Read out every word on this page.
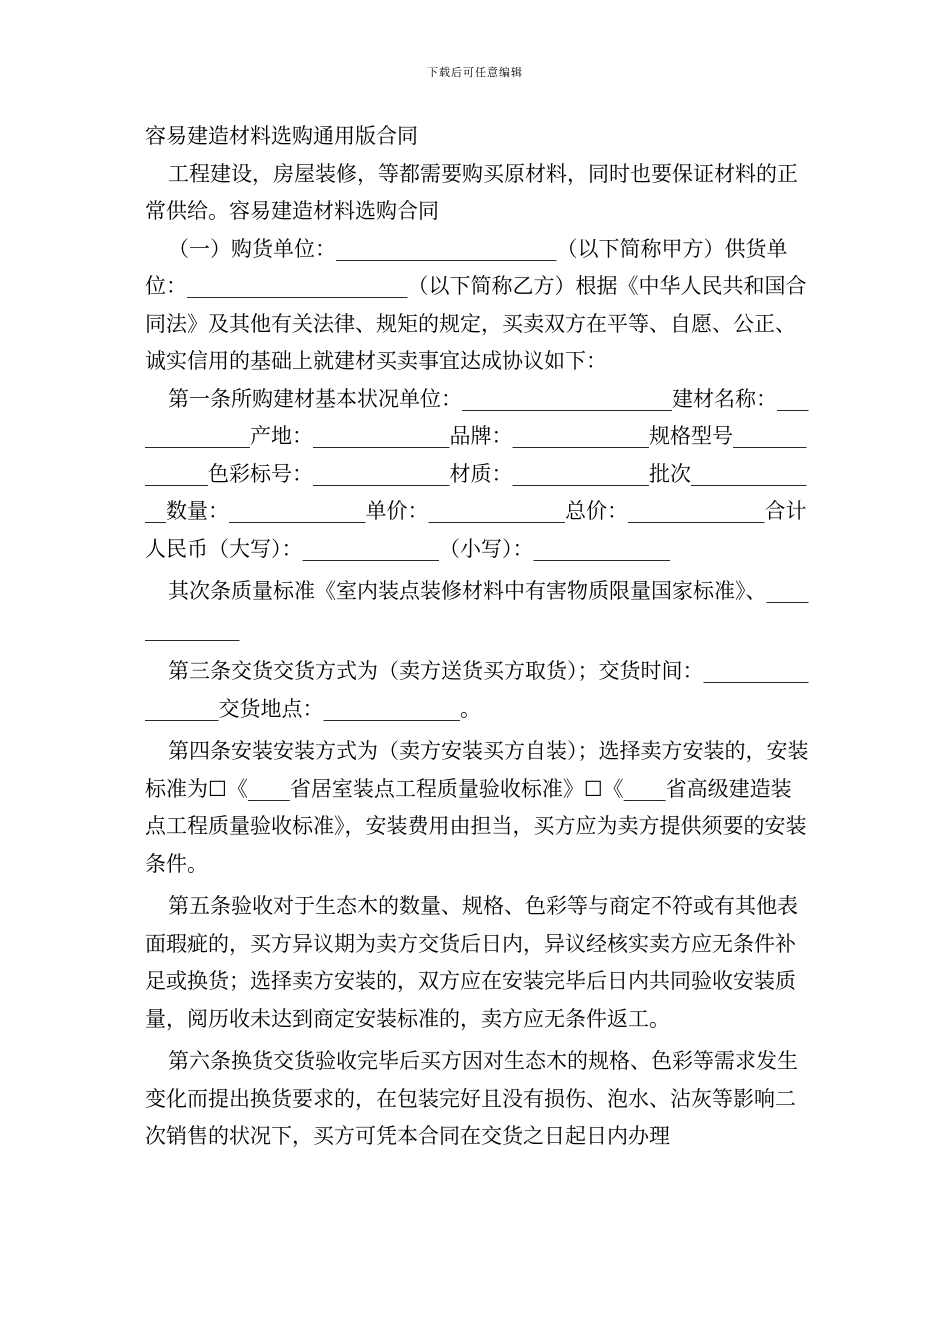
下载后可任意编辑

容易建造材料选购通用版合同

工程建设，房屋装修，等都需要购买原材料，同时也要保证材料的正常供给。容易建造材料选购合同

（一）购货单位：_____________________（以下简称甲方）供货单位：_____________________（以下简称乙方）根据《中华人民共和国合同法》及其他有关法律、规矩的规定，买卖双方在平等、自愿、公正、诚实信用的基础上就建材买卖事宜达成协议如下：

第一条所购建材基本状况单位：____________________建材名称：_____________产地：_____________品牌：_____________规格型号_____________色彩标号：_____________材质：_____________批次_____________数量：_____________单价：_____________总价：_____________合计人民币（大写）：_____________（小写）：_____________

其次条质量标准《室内装点装修材料中有害物质限量国家标准》、_____________

第三条交货交货方式为（卖方送货买方取货）；交货时间：_________________交货地点：_____________。

第四条安装安装方式为（卖方安装买方自装）；选择卖方安装的，安装标准为☐《____省居室装点工程质量验收标准》☐《____省高级建造装点工程质量验收标准》，安装费用由担当，买方应为卖方提供须要的安装条件。

第五条验收对于生态木的数量、规格、色彩等与商定不符或有其他表面瑕疵的，买方异议期为卖方交货后日内，异议经核实卖方应无条件补足或换货；选择卖方安装的，双方应在安装完毕后日内共同验收安装质量，阅历收未达到商定安装标准的，卖方应无条件返工。

第六条换货交货验收完毕后买方因对生态木的规格、色彩等需求发生变化而提出换货要求的，在包装完好且没有损伤、泡水、沾灰等影响二次销售的状况下，买方可凭本合同在交货之日起日内办理
